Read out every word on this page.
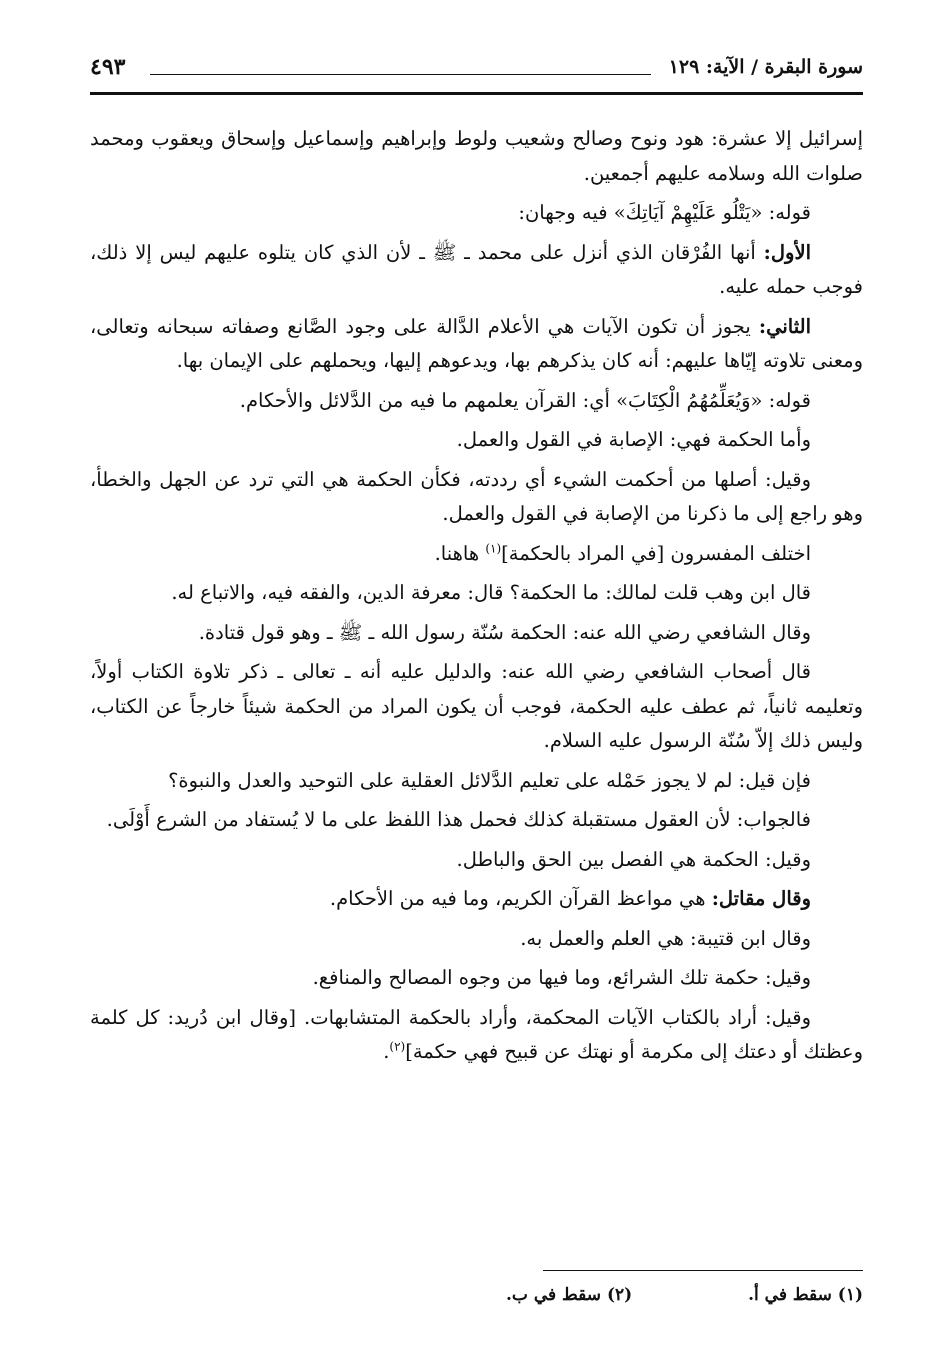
سورة البقرة / الآية: ١٢٩
٤٩٣

إسرائيل إلا عشرة: هود ونوح وصالح وشعيب ولوط وإبراهيم وإسماعيل وإسحاق ويعقوب ومحمد صلوات الله وسلامه عليهم أجمعين.

قوله: «يَتْلُو عَلَيْهِمْ آيَاتِكَ» فيه وجهان:

الأول: أنها الفُرْقان الذي أنزل على محمد ـ ﷺ ـ لأن الذي كان يتلوه عليهم ليس إلا ذلك، فوجب حمله عليه.

الثاني: يجوز أن تكون الآيات هي الأعلام الدَّالة على وجود الصَّانع وصفاته سبحانه وتعالى، ومعنى تلاوته إيّاها عليهم: أنه كان يذكرهم بها، ويدعوهم إليها، ويحملهم على الإيمان بها.

قوله: «وَيُعَلِّمُهُمُ الْكِتَابَ» أي: القرآن يعلمهم ما فيه من الدَّلائل والأحكام.

وأما الحكمة فهي: الإصابة في القول والعمل.

وقيل: أصلها من أحكمت الشيء أي رددته، فكأن الحكمة هي التي ترد عن الجهل والخطأ، وهو راجع إلى ما ذكرنا من الإصابة في القول والعمل.

اختلف المفسرون [في المراد بالحكمة]$^{(١)}$ هاهنا.

قال ابن وهب قلت لمالك: ما الحكمة؟ قال: معرفة الدين، والفقه فيه، والاتباع له.

وقال الشافعي رضي الله عنه: الحكمة سُنّة رسول الله ـ ﷺ ـ وهو قول قتادة.

قال أصحاب الشافعي رضي الله عنه: والدليل عليه أنه ـ تعالى ـ ذكر تلاوة الكتاب أولاً، وتعليمه ثانياً، ثم عطف عليه الحكمة، فوجب أن يكون المراد من الحكمة شيئاً خارجاً عن الكتاب، وليس ذلك إلاّ سُنّة الرسول عليه السلام.

فإن قيل: لم لا يجوز حَمْله على تعليم الدَّلائل العقلية على التوحيد والعدل والنبوة؟

فالجواب: لأن العقول مستقبلة كذلك فحمل هذا اللفظ على ما لا يُستفاد من الشرع أَوْلَى.

وقيل: الحكمة هي الفصل بين الحق والباطل.

وقال مقاتل: هي مواعظ القرآن الكريم، وما فيه من الأحكام.

وقال ابن قتيبة: هي العلم والعمل به.

وقيل: حكمة تلك الشرائع، وما فيها من وجوه المصالح والمنافع.

وقيل: أراد بالكتاب الآيات المحكمة، وأراد بالحكمة المتشابهات. [وقال ابن دُريد: كل كلمة وعظتك أو دعتك إلى مكرمة أو نهتك عن قبيح فهي حكمة]$^{(٢)}$.

(١) سقط في أ. (٢) سقط في ب.
